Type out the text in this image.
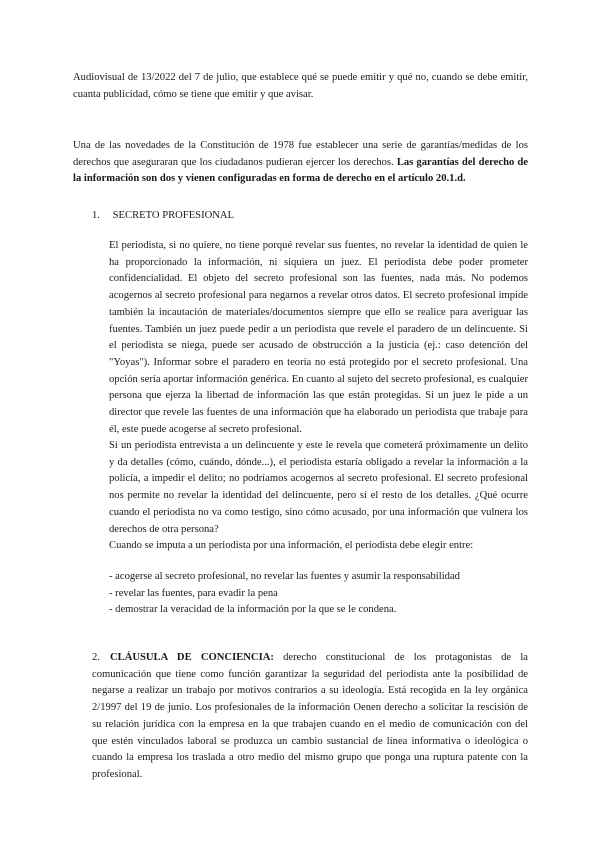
Audiovisual de 13/2022 del 7 de julio, que establece qué se puede emitir y qué no, cuando se debe emitir, cuanta publicidad, cómo se tiene que emitir y que avisar.

Una de las novedades de la Constitución de 1978 fue establecer una serie de garantías/medidas de los derechos que aseguraran que los ciudadanos pudieran ejercer los derechos. Las garantías del derecho de la información son dos y vienen configuradas en forma de derecho en el artículo 20.1.d.

1. SECRETO PROFESIONAL

El periodista, si no quiere, no tiene porqué revelar sus fuentes, no revelar la identidad de quien le ha proporcionado la información, ni siquiera un juez. El periodista debe poder prometer confidencialidad. El objeto del secreto profesional son las fuentes, nada más. No podemos acogernos al secreto profesional para negarnos a revelar otros datos. El secreto profesional impide también la incautación de materiales/documentos siempre que ello se realice para averiguar las fuentes. También un juez puede pedir a un periodista que revele el paradero de un delincuente. Si el periodista se niega, puede ser acusado de obstrucción a la justicia (ej.: caso detención del "Yoyas"). Informar sobre el paradero en teoría no está protegido por el secreto profesional. Una opción sería aportar información genérica. En cuanto al sujeto del secreto profesional, es cualquier persona que ejerza la libertad de información las que están protegidas. Si un juez le pide a un director que revele las fuentes de una información que ha elaborado un periodista que trabaje para él, este puede acogerse al secreto profesional.

Si un periodista entrevista a un delincuente y este le revela que cometerá próximamente un delito y da detalles (cómo, cuándo, dónde...), el periodista estaría obligado a revelar la información a la policía, a impedir el delito; no podríamos acogernos al secreto profesional. El secreto profesional nos permite no revelar la identidad del delincuente, pero sí el resto de los detalles. ¿Qué ocurre cuando el periodista no va como testigo, sino cómo acusado, por una información que vulnera los derechos de otra persona?

Cuando se imputa a un periodista por una información, el periodista debe elegir entre:

- acogerse al secreto profesional, no revelar las fuentes y asumir la responsabilidad
- revelar las fuentes, para evadir la pena
- demostrar la veracidad de la información por la que se le condena.

2. CLÁUSULA DE CONCIENCIA: derecho constitucional de los protagonistas de la comunicación que tiene como función garantizar la seguridad del periodista ante la posibilidad de negarse a realizar un trabajo por motivos contrarios a su ideología. Está recogida en la ley orgánica 2/1997 del 19 de junio. Los profesionales de la información Oenen derecho a solicitar la rescisión de su relación jurídica con la empresa en la que trabajen cuando en el medio de comunicación con del que estén vinculados laboral se produzca un cambio sustancial de línea informativa o ideológica o cuando la empresa los traslada a otro medio del mismo grupo que ponga una ruptura patente con la profesional.
